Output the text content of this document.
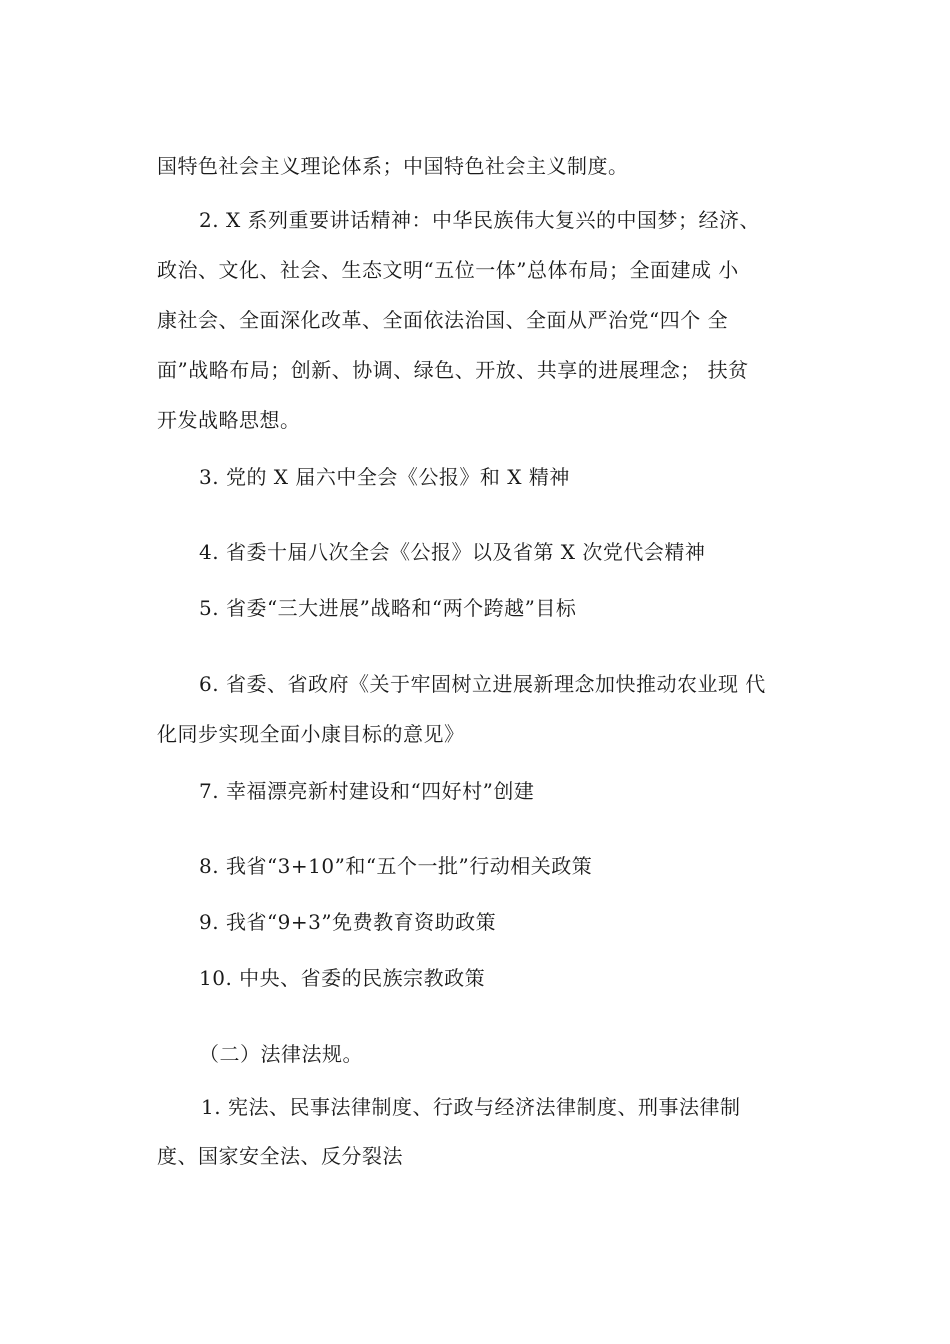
国特色社会主义理论体系；中国特色社会主义制度。
2. X 系列重要讲话精神：中华民族伟大复兴的中国梦；经济、
政治、文化、社会、生态文明“五位一体”总体布局；全面建成 小
康社会、全面深化改革、全面依法治国、全面从严治党“四个 全
面”战略布局；创新、协调、绿色、开放、共享的进展理念； 扶贫
开发战略思想。
3. 党的 X 届六中全会《公报》和 X 精神
4. 省委十届八次全会《公报》以及省第 X 次党代会精神
5. 省委“三大进展”战略和“两个跨越”目标
6. 省委、省政府《关于牢固树立进展新理念加快推动农业现 代
化同步实现全面小康目标的意见》
7. 幸福漂亮新村建设和“四好村”创建
8. 我省“3+10”和“五个一批”行动相关政策
9. 我省“9+3”免费教育资助政策
10. 中央、省委的民族宗教政策
（二）法律法规。
1. 宪法、民事法律制度、行政与经济法律制度、刑事法律制
度、国家安全法、反分裂法
